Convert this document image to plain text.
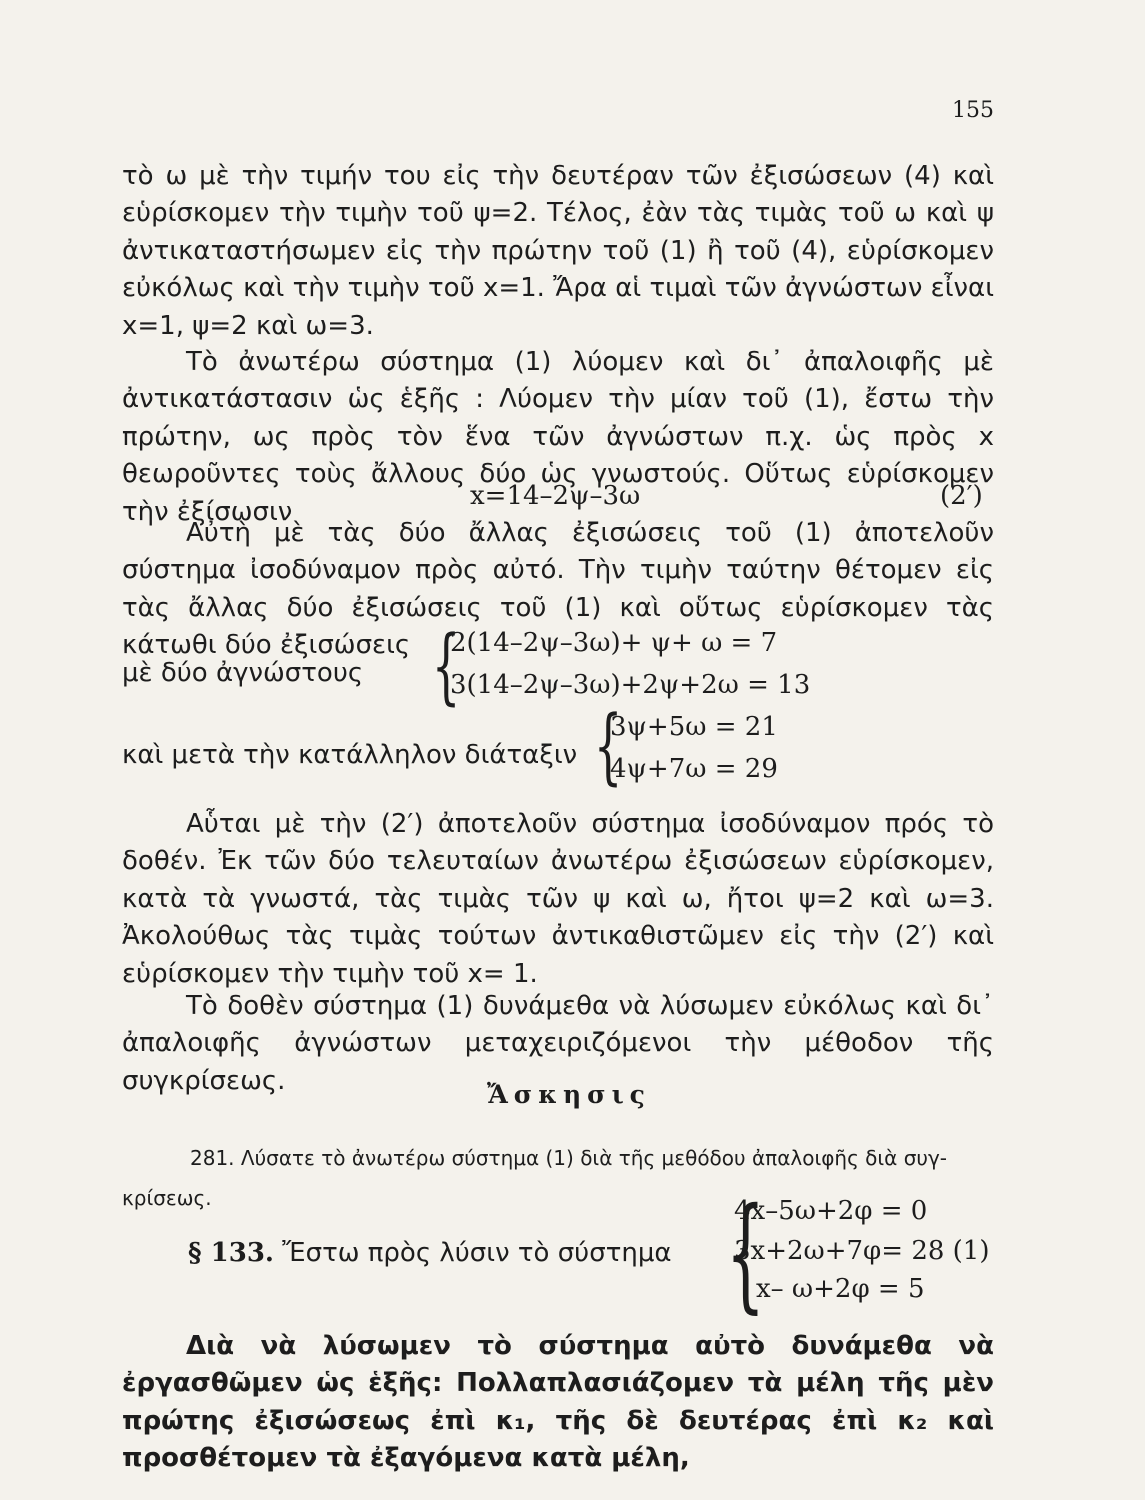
155

τὸ ω μὲ τὴν τιμήν του εἰς τὴν δευτέραν τῶν ἐξισώσεων (4) καὶ εὑρίσκομεν τὴν τιμὴν τοῦ ψ=2. Τέλος, ἐὰν τὰς τιμὰς τοῦ ω καὶ ψ ἀντικαταστήσωμεν εἰς τὴν πρώτην τοῦ (1) ἢ τοῦ (4), εὑρίσκομεν εὐκόλως καὶ τὴν τιμὴν τοῦ x=1. Ἄρα αἱ τιμαὶ τῶν ἀγνώστων εἶναι x=1, ψ=2 καὶ ω=3.

Τὸ ἀνωτέρω σύστημα (1) λύομεν καὶ δι᾽ ἀπαλοιφῆς μὲ ἀντικατάστασιν ὡς ἑξῆς : Λύομεν τὴν μίαν τοῦ (1), ἔστω τὴν πρώτην, ως πρὸς τὸν ἕνα τῶν ἀγνώστων π.χ. ὡς πρὸς x θεωροῦντες τοὺς ἄλλους δύο ὡς γνωστούς. Οὕτως εὑρίσκομεν τὴν ἐξίσωσιν

x=14–2ψ–3ω	(2′)

Αὐτὴ μὲ τὰς δύο ἄλλας ἐξισώσεις τοῦ (1) ἀποτελοῦν σύστημα ἰσοδύναμον πρὸς αὐτό. Τὴν τιμὴν ταύτην θέτομεν εἰς τὰς ἄλλας δύο ἐξισώσεις τοῦ (1) καὶ οὕτως εὑρίσκομεν τὰς κάτωθι δύο ἐξισώσεις

μὲ δύο ἀγνώστους {
2(14–2ψ–3ω)+ ψ+ ω = 7
3(14–2ψ–3ω)+2ψ+2ω = 13
καὶ μετὰ τὴν κατάλληλον διάταξιν {
3ψ+5ω = 21
4ψ+7ω = 29

Αὗται μὲ τὴν (2′) ἀποτελοῦν σύστημα ἰσοδύναμον πρός τὸ δοθέν. Ἐκ τῶν δύο τελευταίων ἀνωτέρω ἐξισώσεων εὑρίσκομεν, κατὰ τὰ γνωστά, τὰς τιμὰς τῶν ψ καὶ ω, ἤτοι ψ=2 καὶ ω=3. Ἀκολούθως τὰς τιμὰς τούτων ἀντικαθιστῶμεν εἰς τὴν (2′) καὶ εὑρίσκομεν τὴν τιμὴν τοῦ x= 1.

Τὸ δοθὲν σύστημα (1) δυνάμεθα νὰ λύσωμεν εὐκόλως καὶ δι᾽ ἀπαλοιφῆς ἀγνώστων μεταχειριζόμενοι τὴν μέθοδον τῆς συγκρίσεως.	Ἄσκησις
281. Λύσατε τὸ ἀνωτέρω σύστημα (1) διὰ τῆς μεθόδου ἀπαλοιφῆς διὰ συγ-
κρίσεως.
§ 133. Ἔστω πρὸς λύσιν τὸ σύστημα {
4x–5ω+2φ = 0
3x+2ω+7φ= 28 (1)
x– ω+2φ = 5

Διὰ νὰ λύσωμεν τὸ σύστημα αὐτὸ δυνάμεθα νὰ ἐργασθῶμεν ὡς ἑξῆς: Πολλαπλασιάζομεν τὰ μέλη τῆς μὲν πρώτης ἐξισώσεως ἐπὶ κ₁, τῆς δὲ δευτέρας ἐπὶ κ₂ καὶ προσθέτομεν τὰ ἐξαγόμενα κατὰ μέλη,
